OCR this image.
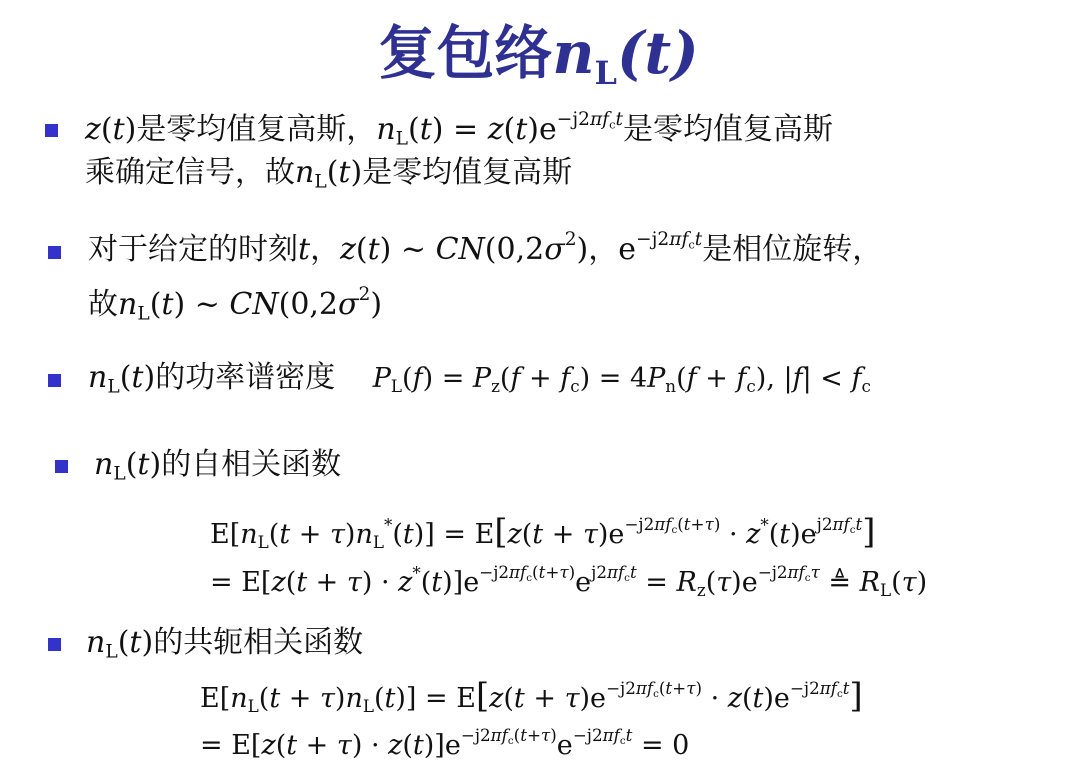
复包络$n_L(t)$
z(t)是零均值复高斯，$n_L(t) = z(t)e^{-j2\pi f_ct}$是零均值复高斯
乘确定信号，故$n_L(t)$是零均值复高斯
对于给定的时刻t，z(t) ~ $CN(0,2\sigma^2)$，$e^{-j2\pi f_ct}$是相位旋转，
故$n_L(t)$ ~ $CN(0,2\sigma^2)$
$n_L(t)$的功率谱密度 $P_L(f) = P_z(f + f_c) = 4P_n(f + f_c)$, $|f| < f_c$
$n_L(t)$的自相关函数
$E[n_L(t + \tau)n_L^*(t)] = E[z(t + \tau)e^{-j2\pi f_c(t+\tau)} \cdot z^*(t)e^{j2\pi f_ct}]$
= $E[z(t + \tau) \cdot z^*(t)]e^{-j2\pi f_c(t+\tau)}e^{j2\pi f_ct} = R_z(\tau)e^{-j2\pi f_c\tau}$ ≜ $R_L(\tau)$
$n_L(t)$的共轭相关函数
$E[n_L(t + \tau)n_L(t)] = E[z(t + \tau)e^{-j2\pi f_c(t+\tau)} \cdot z(t)e^{-j2\pi f_ct}]$
= $E[z(t + \tau) \cdot z(t)]e^{-j2\pi f_c(t+\tau)}e^{-j2\pi f_ct} = 0$
